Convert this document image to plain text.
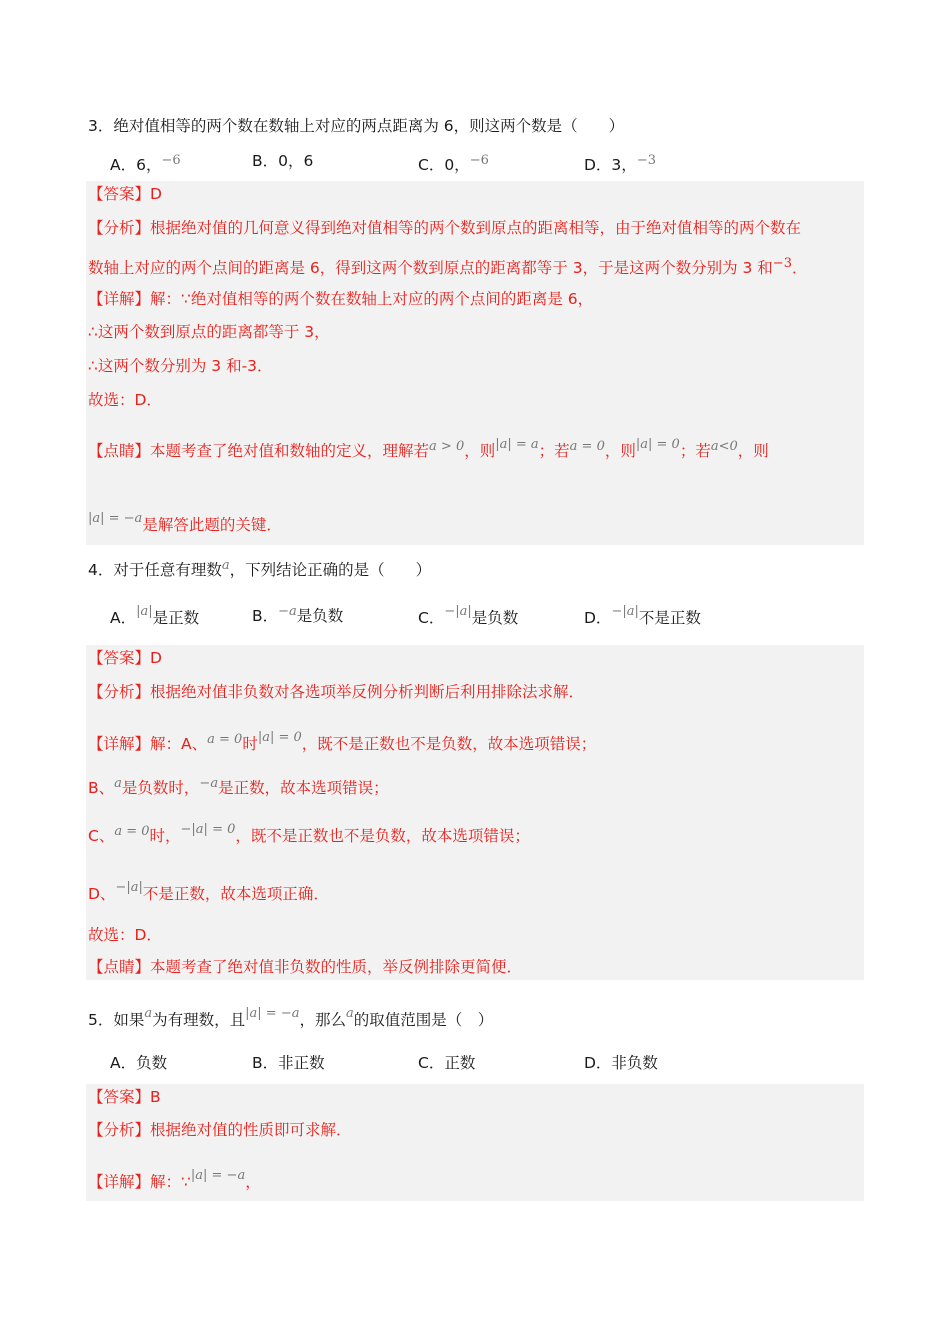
3．绝对值相等的两个数在数轴上对应的两点距离为 6，则这两个数是（　　）
A．6，$^{-6}$	B．0，6	C．0，$^{-6}$	D．3，$^{-3}$
【答案】D
【分析】根据绝对值的几何意义得到绝对值相等的两个数到原点的距离相等，由于绝对值相等的两个数在
数轴上对应的两个点间的距离是 6，得到这两个数到原点的距离都等于 3，于是这两个数分别为 3 和$^{-3}$．
【详解】解：∵绝对值相等的两个数在数轴上对应的两个点间的距离是 6，
∴这两个数到原点的距离都等于 3，
∴这两个数分别为 3 和-3．
故选：D．
【点睛】本题考查了绝对值和数轴的定义，理解若$^{a > 0}$，则$^{|a| = a}$；若$^{a = 0}$，则$^{|a| = 0}$；若$^{a<0}$，则
$^{|a| = -a}$是解答此题的关键．
4．对于任意有理数$^a$，下列结论正确的是（　　）
A．$^{|a|}$是正数	B．$^{-a}$是负数	C．$^{-|a|}$是负数	D．$^{-|a|}$不是正数
【答案】D
【分析】根据绝对值非负数对各选项举反例分析判断后利用排除法求解．
【详解】解：A、$^{a = 0}$时$^{|a| = 0}$，既不是正数也不是负数，故本选项错误；
B、$^a$是负数时，$^{-a}$是正数，故本选项错误；
C、$^{a = 0}$时，$^{-|a| = 0}$，既不是正数也不是负数，故本选项错误；
D、$^{-|a|}$不是正数，故本选项正确．
故选：D．
【点睛】本题考查了绝对值非负数的性质，举反例排除更简便．
5．如果$^a$为有理数，且$^{|a| = -a}$，那么$^a$的取值范围是（　）
A．负数	B．非正数	C．正数	D．非负数
【答案】B
【分析】根据绝对值的性质即可求解．
【详解】解：∵$^{|a| = -a}$，
